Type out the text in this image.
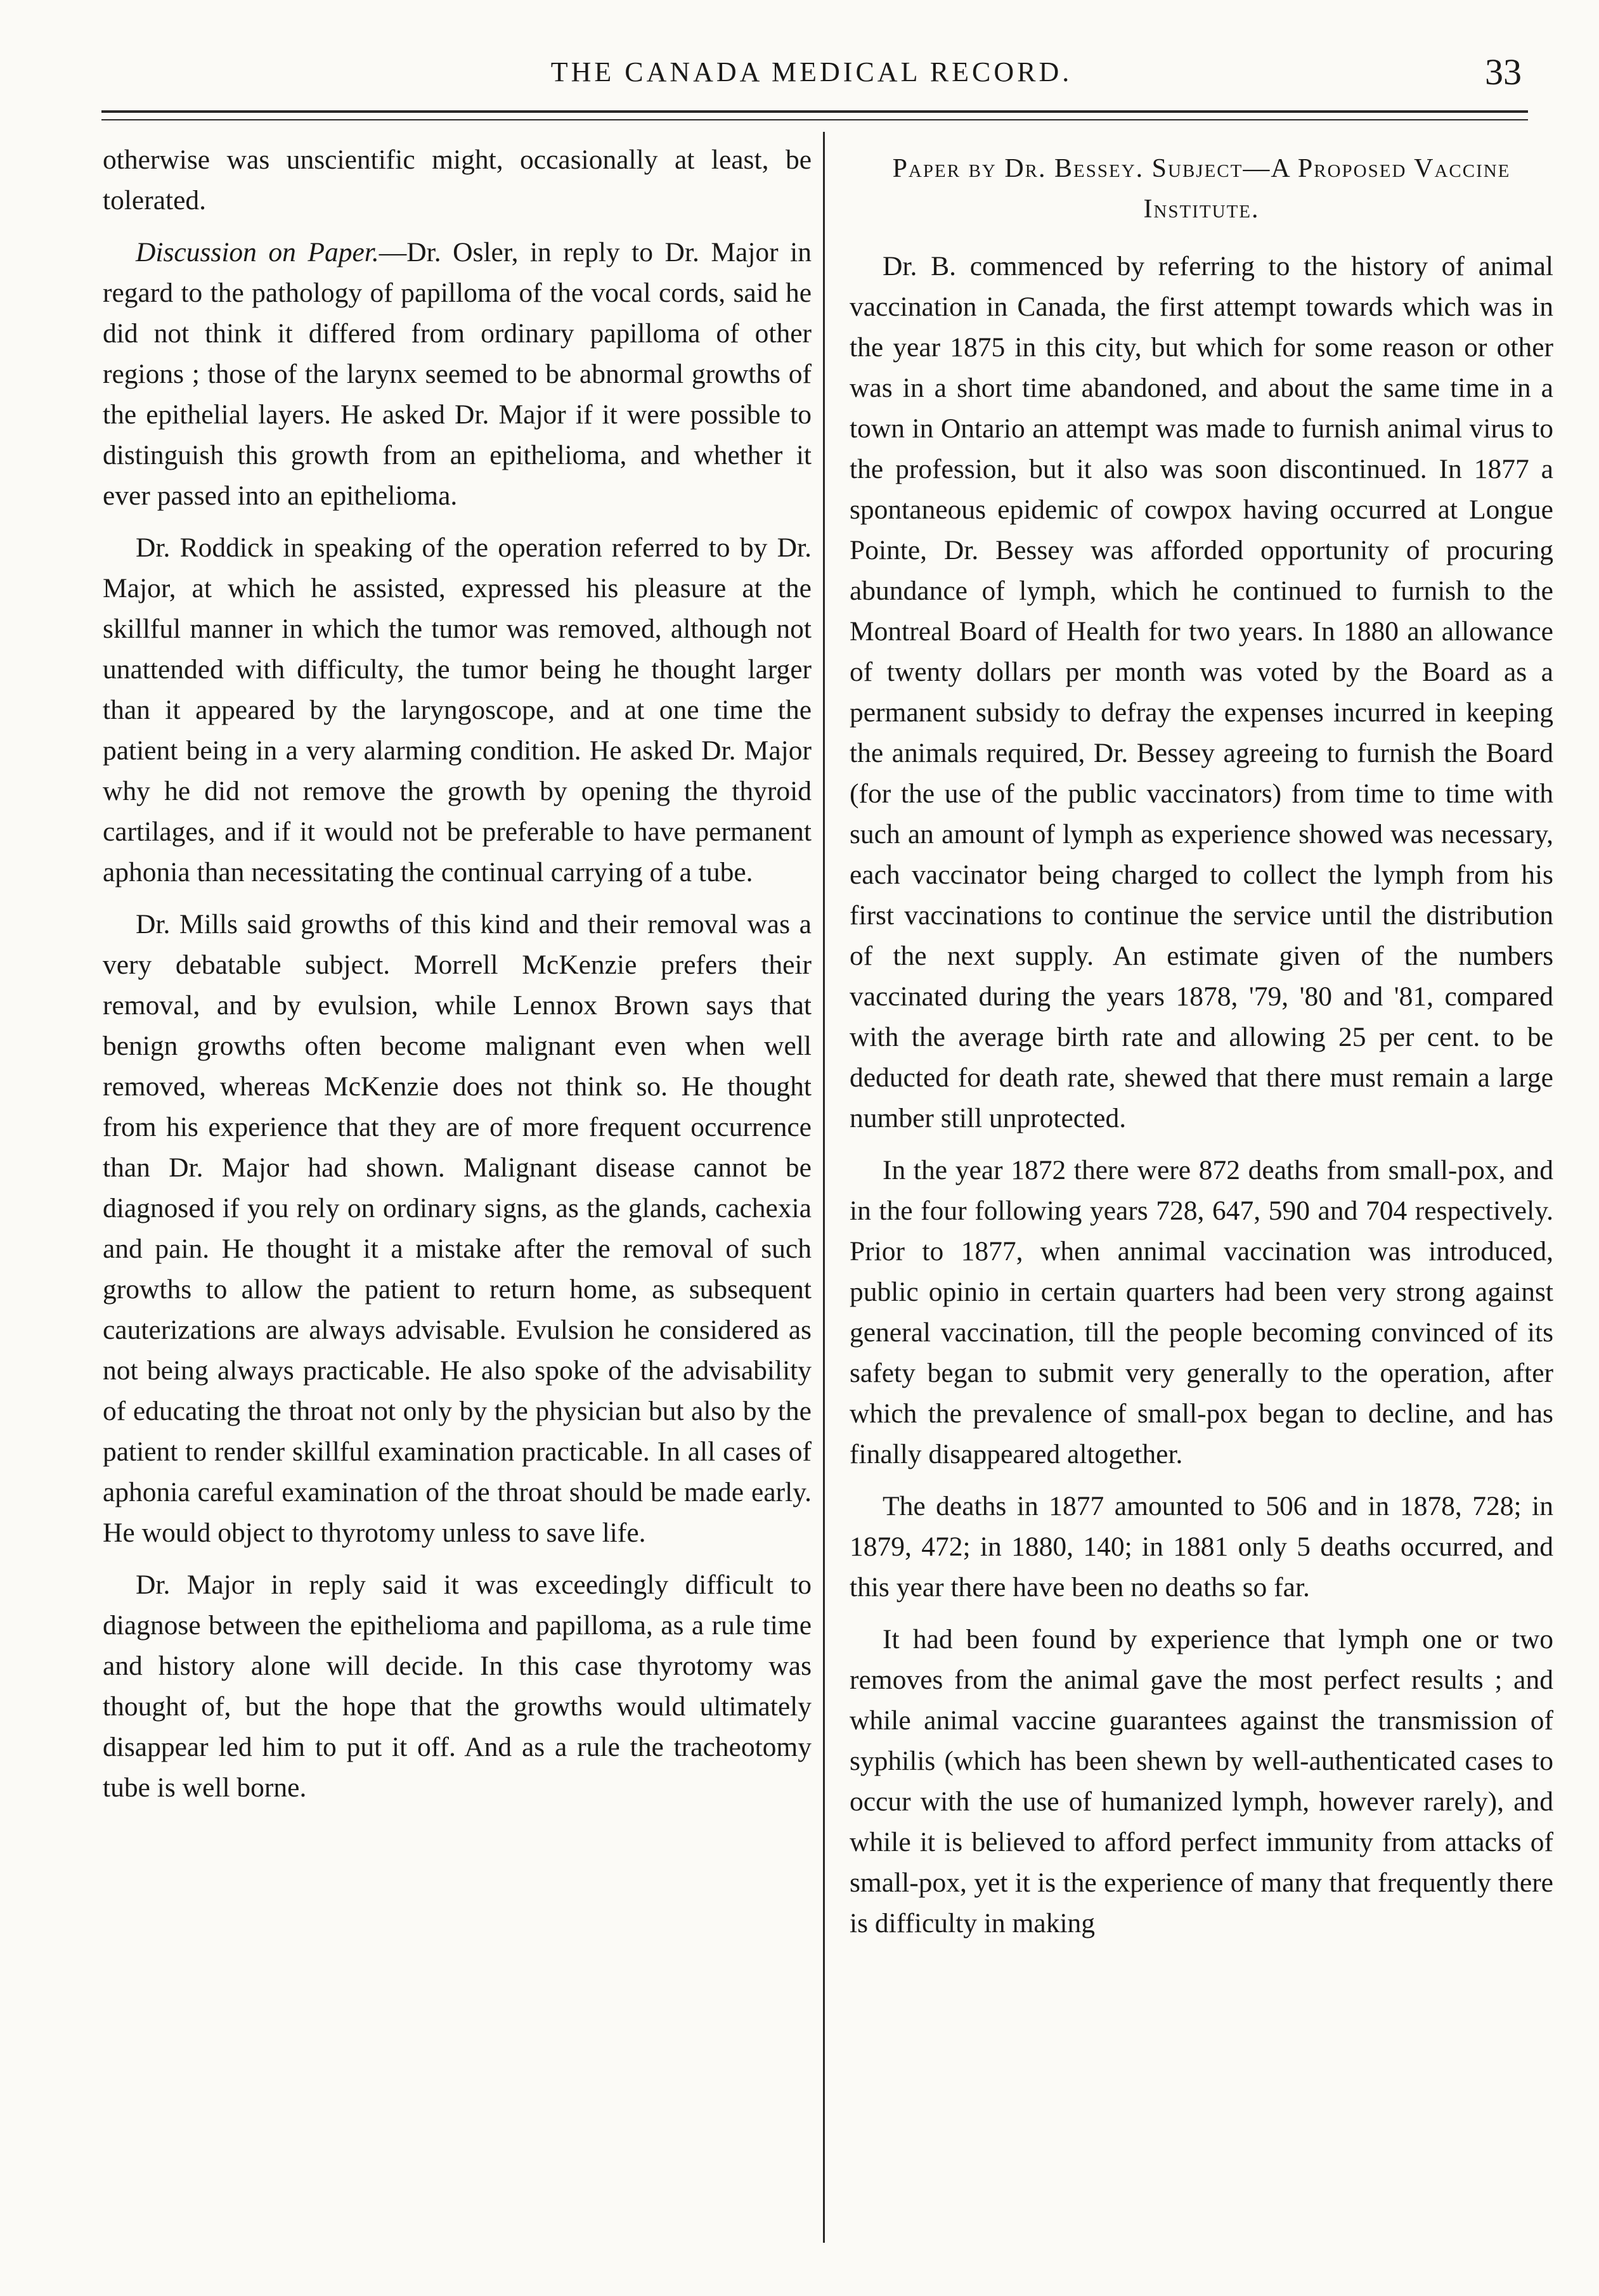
THE CANADA MEDICAL RECORD.	33

otherwise was unscientific might, occasionally at least, be tolerated.

Discussion on Paper.—Dr. Osler, in reply to Dr. Major in regard to the pathology of papilloma of the vocal cords, said he did not think it differed from ordinary papilloma of other regions ; those of the larynx seemed to be abnormal growths of the epithelial layers. He asked Dr. Major if it were possible to distinguish this growth from an epithelioma, and whether it ever passed into an epithelioma.

Dr. Roddick in speaking of the operation referred to by Dr. Major, at which he assisted, expressed his pleasure at the skillful manner in which the tumor was removed, although not unattended with difficulty, the tumor being he thought larger than it appeared by the laryngoscope, and at one time the patient being in a very alarming condition. He asked Dr. Major why he did not remove the growth by opening the thyroid cartilages, and if it would not be preferable to have permanent aphonia than necessitating the continual carrying of a tube.

Dr. Mills said growths of this kind and their removal was a very debatable subject. Morrell McKenzie prefers their removal, and by evulsion, while Lennox Brown says that benign growths often become malignant even when well removed, whereas McKenzie does not think so. He thought from his experience that they are of more frequent occurrence than Dr. Major had shown. Malignant disease cannot be diagnosed if you rely on ordinary signs, as the glands, cachexia and pain. He thought it a mistake after the removal of such growths to allow the patient to return home, as subsequent cauterizations are always advisable. Evulsion he considered as not being always practicable. He also spoke of the advisability of educating the throat not only by the physician but also by the patient to render skillful examination practicable. In all cases of aphonia careful examination of the throat should be made early. He would object to thyrotomy unless to save life.

Dr. Major in reply said it was exceedingly difficult to diagnose between the epithelioma and papilloma, as a rule time and history alone will decide. In this case thyrotomy was thought of, but the hope that the growths would ultimately disappear led him to put it off. And as a rule the tracheotomy tube is well borne.

Paper by Dr. Bessey. Subject—A Proposed Vaccine Institute.

Dr. B. commenced by referring to the history of animal vaccination in Canada, the first attempt towards which was in the year 1875 in this city, but which for some reason or other was in a short time abandoned, and about the same time in a town in Ontario an attempt was made to furnish animal virus to the profession, but it also was soon discontinued. In 1877 a spontaneous epidemic of cowpox having occurred at Longue Pointe, Dr. Bessey was afforded opportunity of procuring abundance of lymph, which he continued to furnish to the Montreal Board of Health for two years. In 1880 an allowance of twenty dollars per month was voted by the Board as a permanent subsidy to defray the expenses incurred in keeping the animals required, Dr. Bessey agreeing to furnish the Board (for the use of the public vaccinators) from time to time with such an amount of lymph as experience showed was necessary, each vaccinator being charged to collect the lymph from his first vaccinations to continue the service until the distribution of the next supply. An estimate given of the numbers vaccinated during the years 1878, '79, '80 and '81, compared with the average birth rate and allowing 25 per cent. to be deducted for death rate, shewed that there must remain a large number still unprotected.

In the year 1872 there were 872 deaths from small-pox, and in the four following years 728, 647, 590 and 704 respectively. Prior to 1877, when annimal vaccination was introduced, public opinio in certain quarters had been very strong against general vaccination, till the people becoming convinced of its safety began to submit very generally to the operation, after which the prevalence of small-pox began to decline, and has finally disappeared altogether.

The deaths in 1877 amounted to 506 and in 1878, 728; in 1879, 472; in 1880, 140; in 1881 only 5 deaths occurred, and this year there have been no deaths so far.

It had been found by experience that lymph one or two removes from the animal gave the most perfect results ; and while animal vaccine guarantees against the transmission of syphilis (which has been shewn by well-authenticated cases to occur with the use of humanized lymph, however rarely), and while it is believed to afford perfect immunity from attacks of small-pox, yet it is the experience of many that frequently there is difficulty in making
